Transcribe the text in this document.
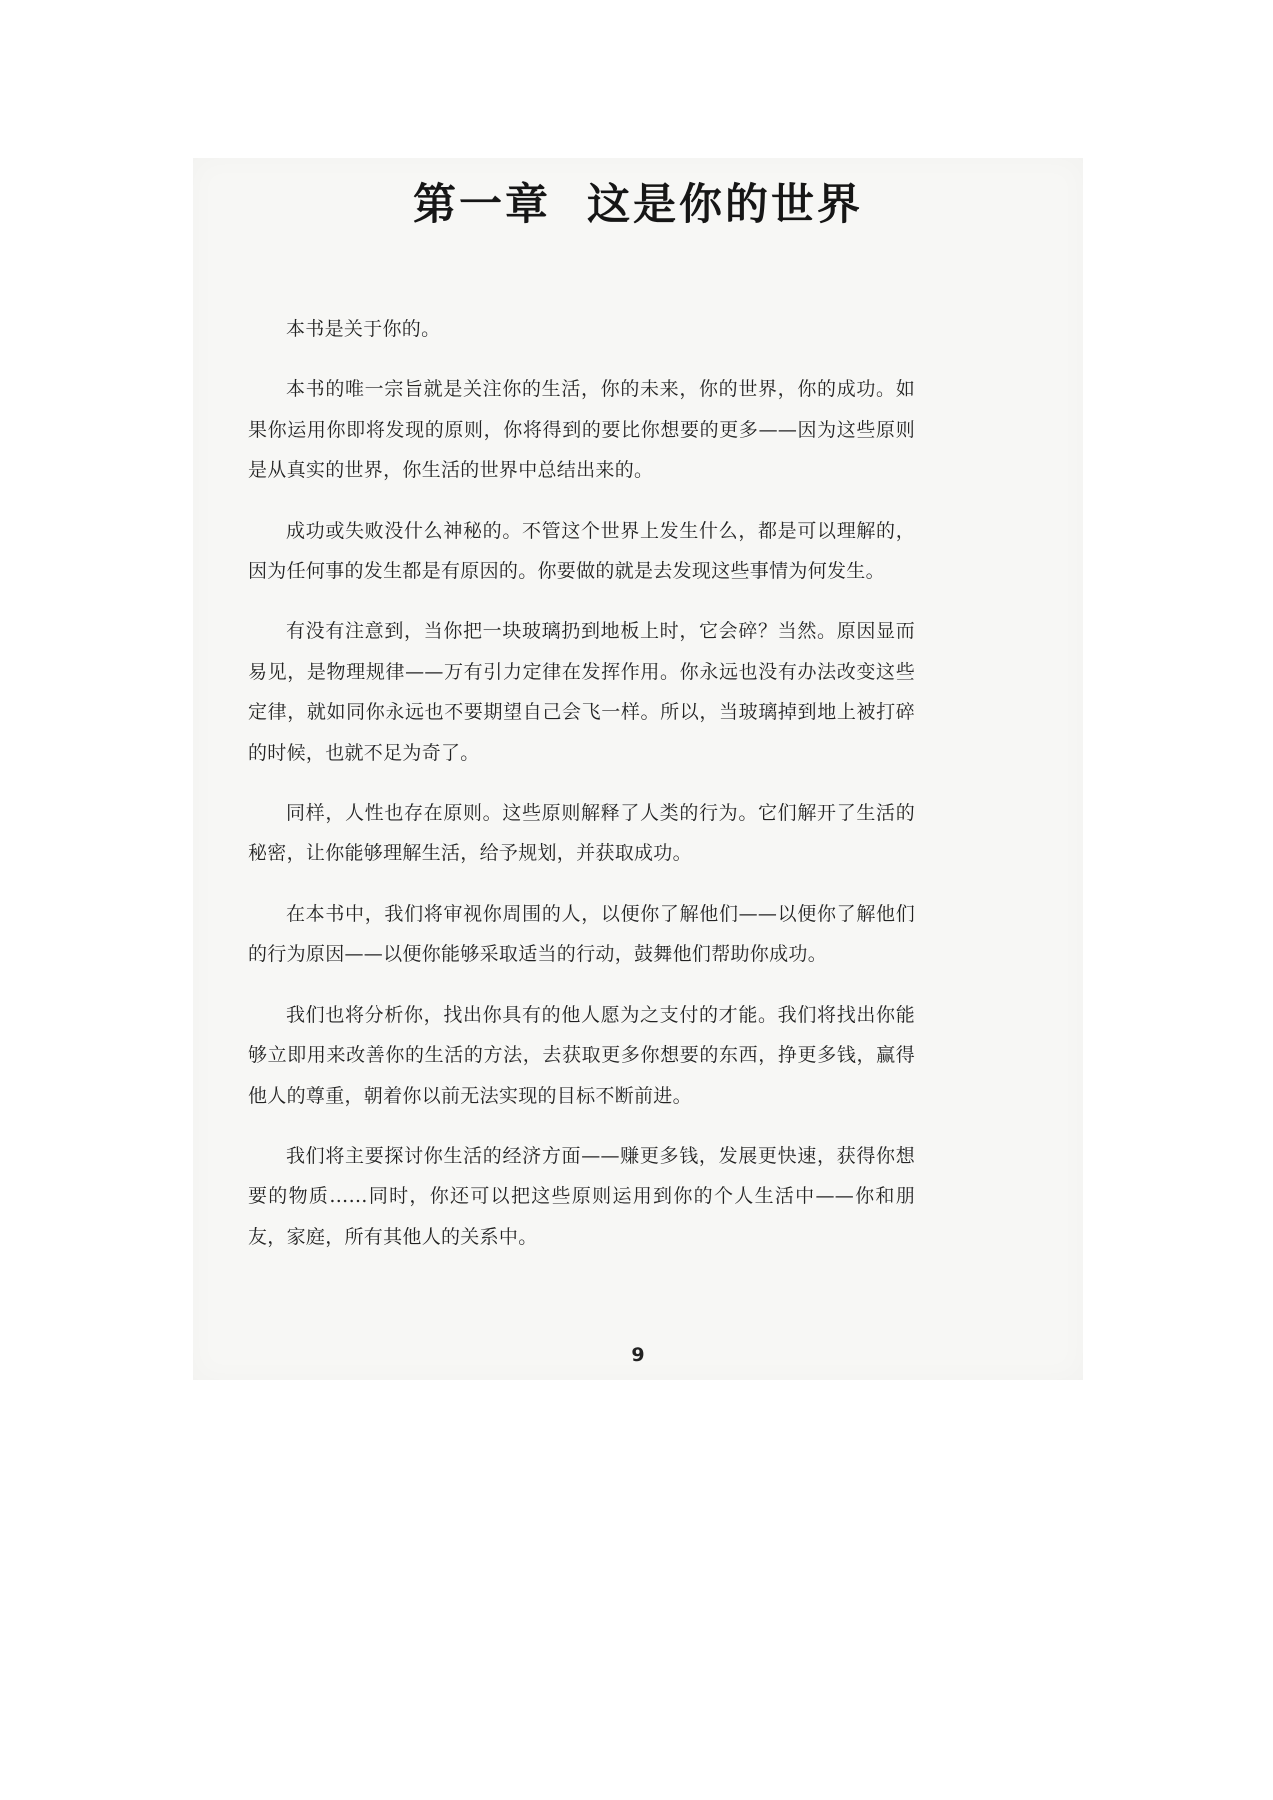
第一章  这是你的世界

本书是关于你的。

本书的唯一宗旨就是关注你的生活，你的未来，你的世界，你的成功。如果你运用你即将发现的原则，你将得到的要比你想要的更多——因为这些原则是从真实的世界，你生活的世界中总结出来的。

成功或失败没什么神秘的。不管这个世界上发生什么，都是可以理解的，因为任何事的发生都是有原因的。你要做的就是去发现这些事情为何发生。

有没有注意到，当你把一块玻璃扔到地板上时，它会碎？当然。原因显而易见，是物理规律——万有引力定律在发挥作用。你永远也没有办法改变这些定律，就如同你永远也不要期望自己会飞一样。所以，当玻璃掉到地上被打碎的时候，也就不足为奇了。

同样，人性也存在原则。这些原则解释了人类的行为。它们解开了生活的秘密，让你能够理解生活，给予规划，并获取成功。

在本书中，我们将审视你周围的人，以便你了解他们——以便你了解他们的行为原因——以便你能够采取适当的行动，鼓舞他们帮助你成功。

我们也将分析你，找出你具有的他人愿为之支付的才能。我们将找出你能够立即用来改善你的生活的方法，去获取更多你想要的东西，挣更多钱，赢得他人的尊重，朝着你以前无法实现的目标不断前进。

我们将主要探讨你生活的经济方面——赚更多钱，发展更快速，获得你想要的物质……同时，你还可以把这些原则运用到你的个人生活中——你和朋友，家庭，所有其他人的关系中。

9
